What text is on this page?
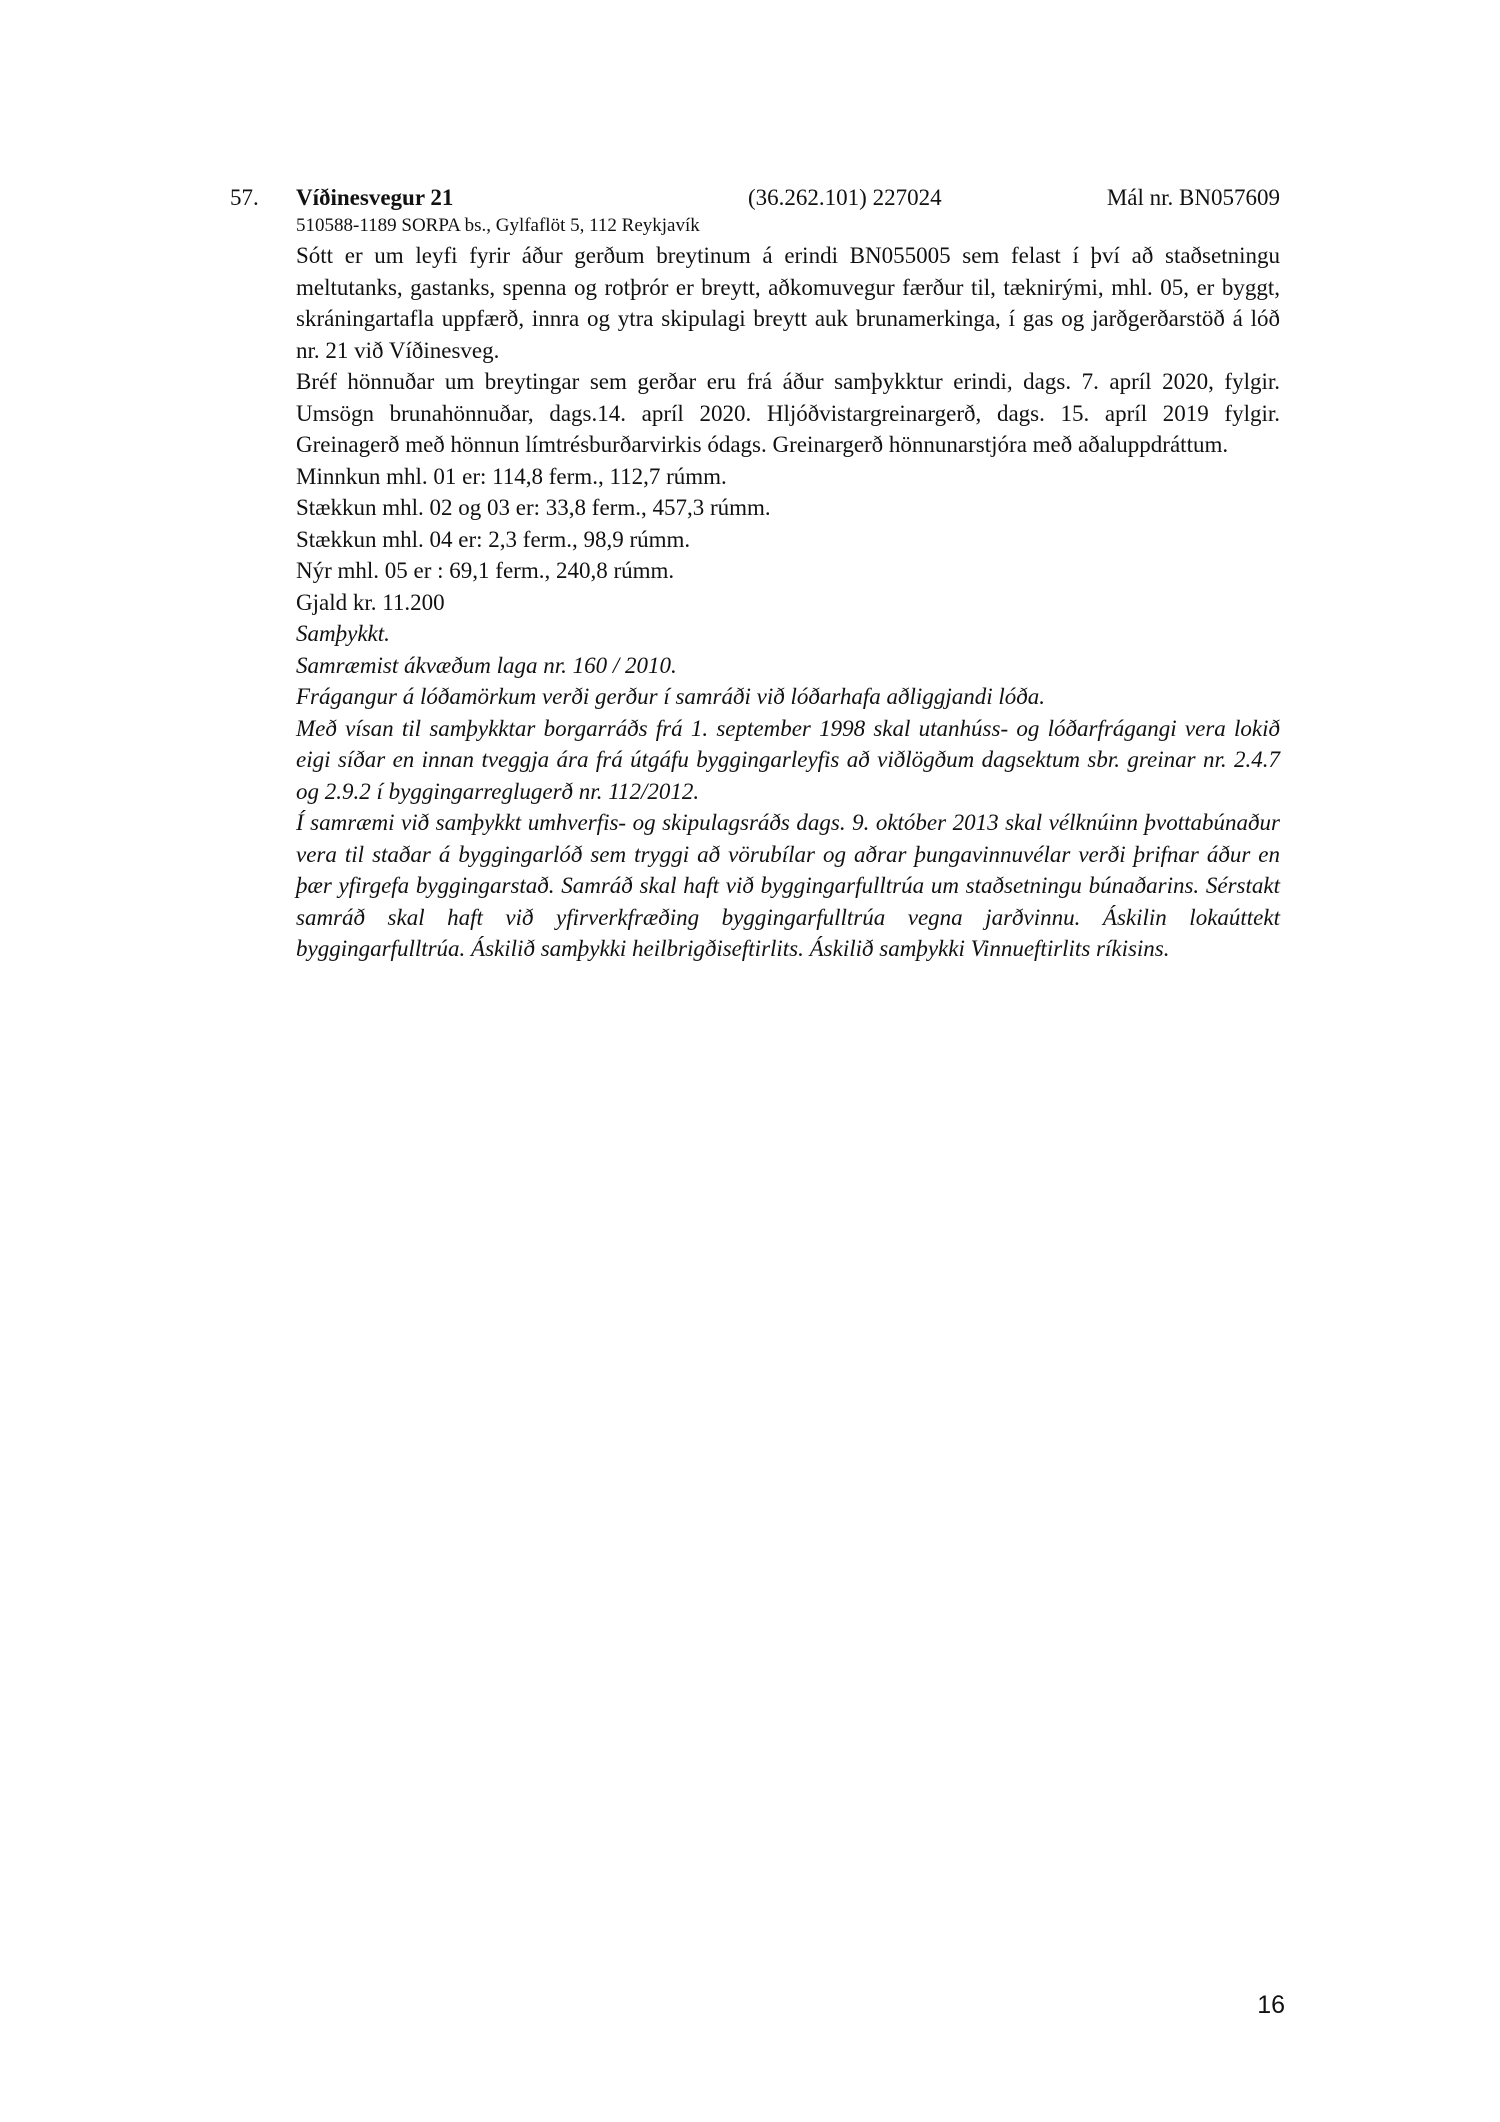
57. Víðinesvegur 21	(36.262.101) 227024	Mál nr. BN057609
510588-1189 SORPA bs., Gylfaflöt 5, 112 Reykjavík

Sótt er um leyfi fyrir áður gerðum breytinum á erindi BN055005 sem felast í því að staðsetningu meltutanks, gastanks, spenna og rotþrór er breytt, aðkomuvegur færður til, tæknirými, mhl. 05, er byggt, skráningartafla uppfærð, innra og ytra skipulagi breytt auk brunamerkinga, í gas og jarðgerðarstöð á lóð nr. 21 við Víðinesveg.

Bréf hönnuðar um breytingar sem gerðar eru frá áður samþykktur erindi, dags. 7. apríl 2020, fylgir. Umsögn brunahönnuðar, dags.14. apríl 2020. Hljóðvistargreinargerð, dags. 15. apríl 2019 fylgir. Greinagerð með hönnun límtrésburðarvirkis ódags. Greinargerð hönnunarstjóra með aðaluppdráttum.

Minnkun mhl. 01 er: 114,8 ferm., 112,7 rúmm.

Stækkun mhl. 02 og 03 er: 33,8 ferm., 457,3 rúmm.

Stækkun mhl. 04 er: 2,3 ferm., 98,9 rúmm.

Nýr mhl. 05 er : 69,1 ferm., 240,8 rúmm.

Gjald kr. 11.200

Samþykkt.

Samræmist ákvæðum laga nr. 160 / 2010.

Frágangur á lóðamörkum verði gerður í samráði við lóðarhafa aðliggjandi lóða.

Með vísan til samþykktar borgarráðs frá 1. september 1998 skal utanhúss- og lóðarfrágangi vera lokið eigi síðar en innan tveggja ára frá útgáfu byggingarleyfis að viðlögðum dagsektum sbr. greinar nr. 2.4.7 og 2.9.2 í byggingarreglugerð nr. 112/2012.

Í samræmi við samþykkt umhverfis- og skipulagsráðs dags. 9. október 2013 skal vélknúinn þvottabúnaður vera til staðar á byggingarlóð sem tryggi að vörubílar og aðrar þungavinnuvélar verði þrifnar áður en þær yfirgefa byggingarstað. Samráð skal haft við byggingarfulltrúa um staðsetningu búnaðarins. Sérstakt samráð skal haft við yfirverkfræðing byggingarfulltrúa vegna jarðvinnu. Áskilin lokaúttekt byggingarfulltrúa. Áskilið samþykki heilbrigðiseftirlits. Áskilið samþykki Vinnueftirlits ríkisins.

16
